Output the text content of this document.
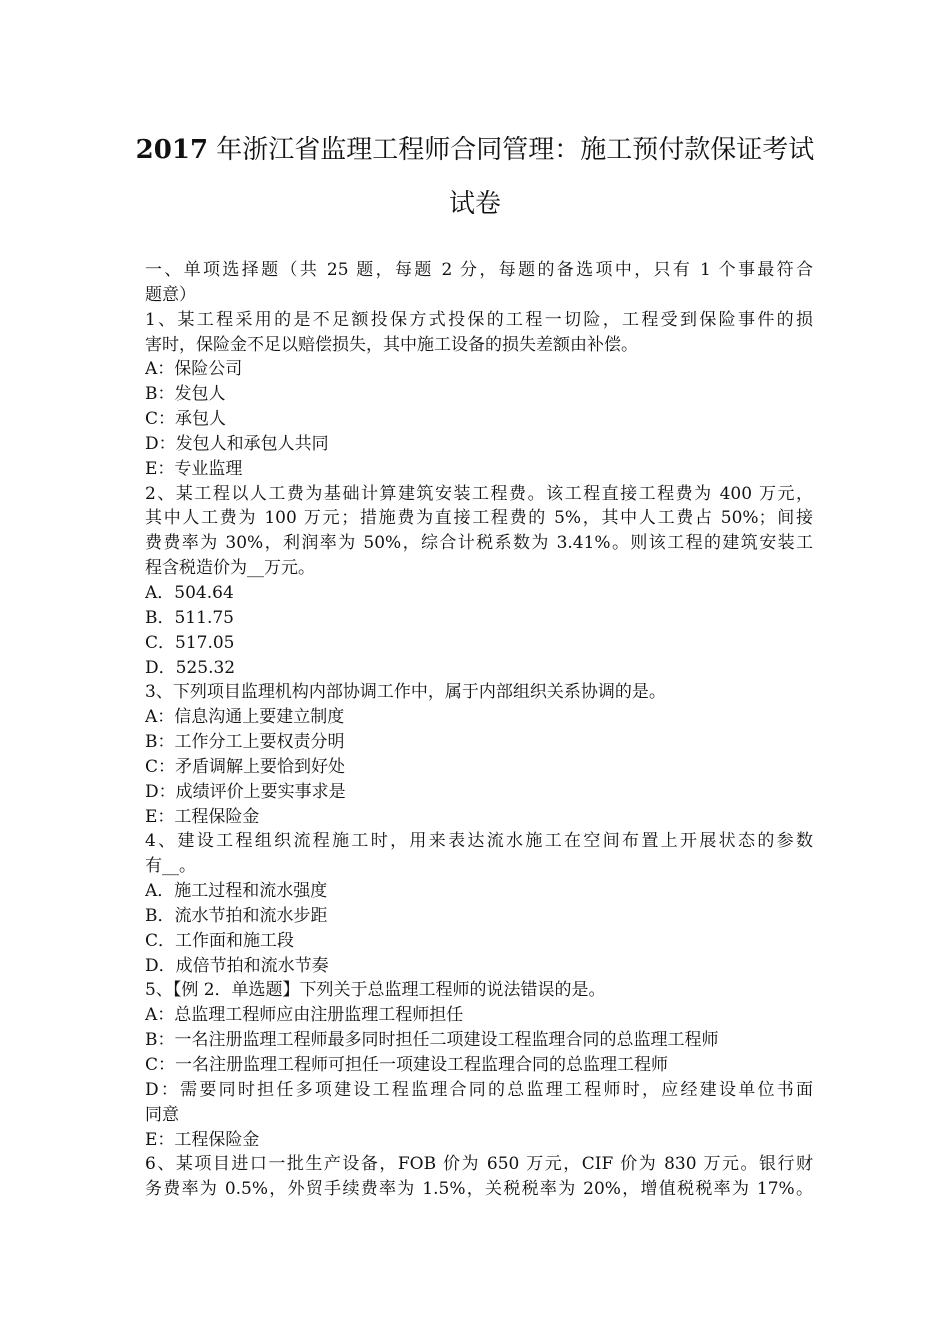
2017 年浙江省监理工程师合同管理：施工预付款保证考试
试卷
一、单项选择题（共 25 题，每题 2 分，每题的备选项中，只有 1 个事最符合
题意）
1、某工程采用的是不足额投保方式投保的工程一切险，工程受到保险事件的损
害时，保险金不足以赔偿损失，其中施工设备的损失差额由补偿。
A：保险公司
B：发包人
C：承包人
D：发包人和承包人共同
E：专业监理
2、某工程以人工费为基础计算建筑安装工程费。该工程直接工程费为 400 万元，
其中人工费为 100 万元；措施费为直接工程费的 5%，其中人工费占 50%；间接
费费率为 30%，利润率为 50%，综合计税系数为 3.41%。则该工程的建筑安装工
程含税造价为__万元。
A．504.64
B．511.75
C．517.05
D．525.32
3、下列项目监理机构内部协调工作中，属于内部组织关系协调的是。
A：信息沟通上要建立制度
B：工作分工上要权责分明
C：矛盾调解上要恰到好处
D：成绩评价上要实事求是
E：工程保险金
4、建设工程组织流程施工时，用来表达流水施工在空间布置上开展状态的参数
有__。
A．施工过程和流水强度
B．流水节拍和流水步距
C．工作面和施工段
D．成倍节拍和流水节奏
5、【例 2．单选题】下列关于总监理工程师的说法错误的是。
A：总监理工程师应由注册监理工程师担任
B：一名注册监理工程师最多同时担任二项建设工程监理合同的总监理工程师
C：一名注册监理工程师可担任一项建设工程监理合同的总监理工程师
D：需要同时担任多项建设工程监理合同的总监理工程师时，应经建设单位书面
同意
E：工程保险金
6、某项目进口一批生产设备，FOB 价为 650 万元，CIF 价为 830 万元。银行财
务费率为 0.5%，外贸手续费率为 1.5%，关税税率为 20%，增值税税率为 17%。
